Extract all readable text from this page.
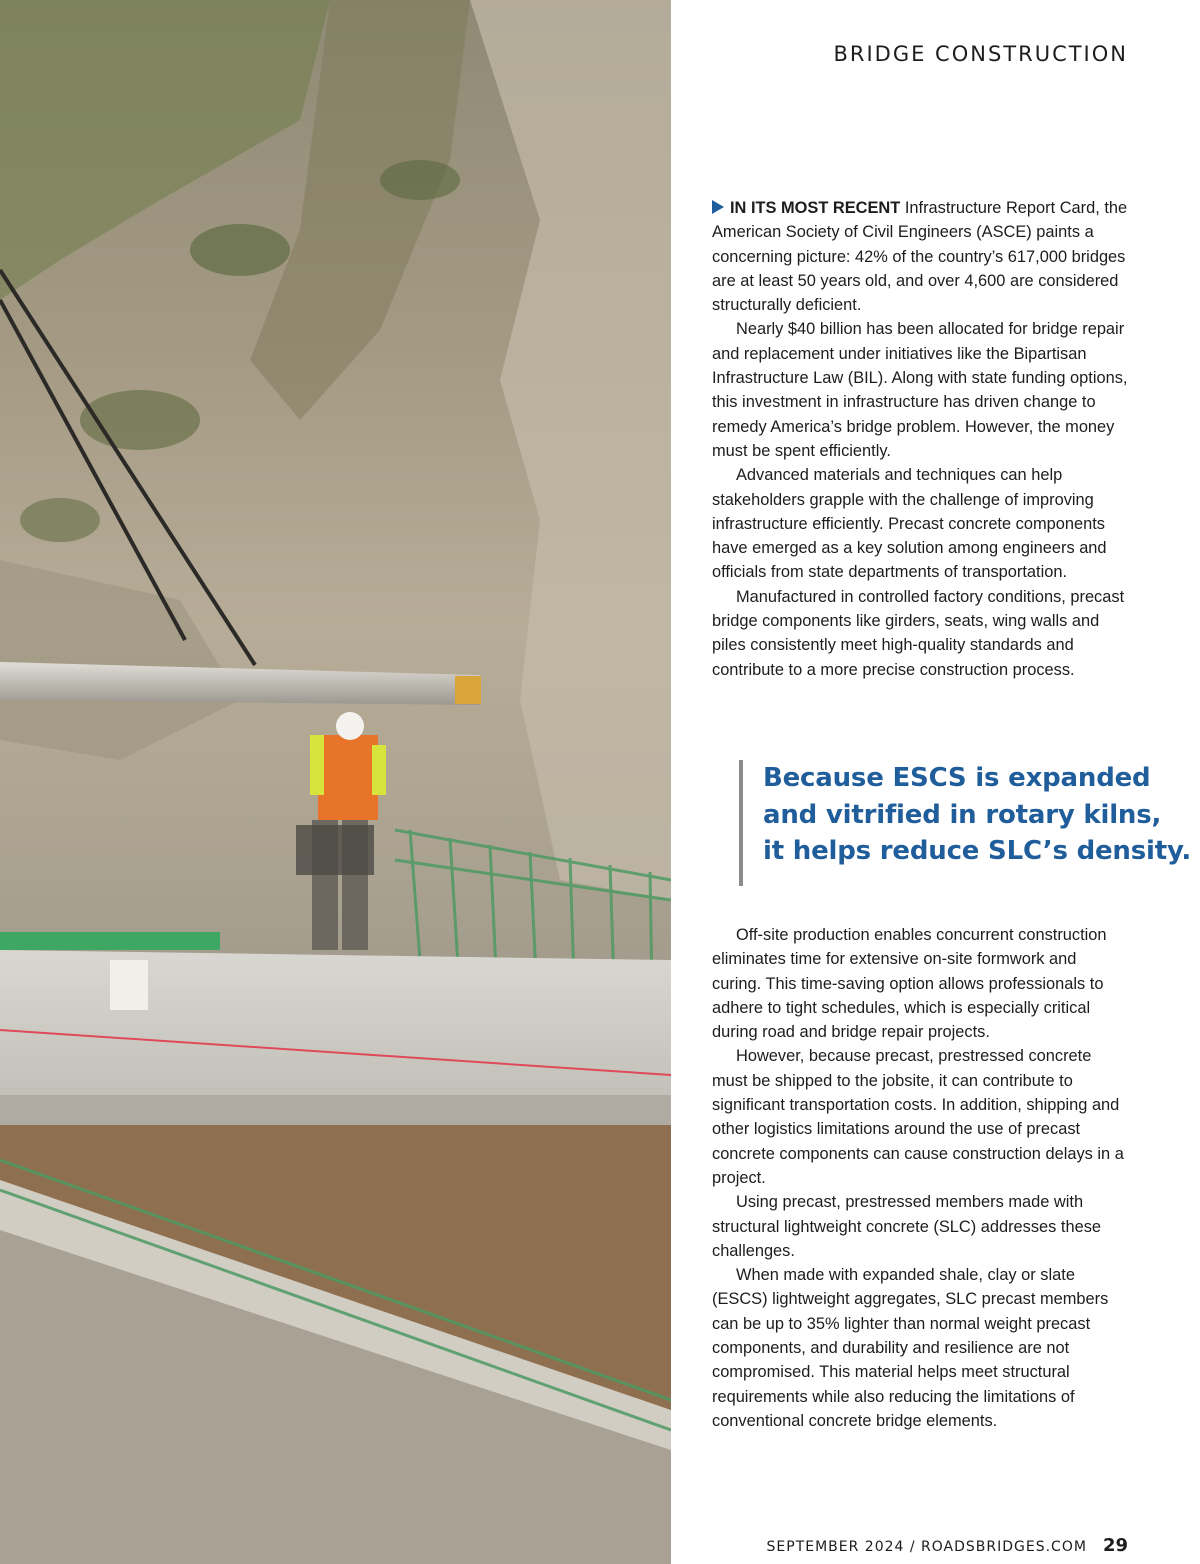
BRIDGE CONSTRUCTION

IN ITS MOST RECENT Infrastructure Report Card, the American Society of Civil Engineers (ASCE) paints a concerning picture: 42% of the country’s 617,000 bridges are at least 50 years old, and over 4,600 are considered structurally deficient.

Nearly $40 billion has been allocated for bridge repair and replacement under initiatives like the Bipartisan Infrastructure Law (BIL). Along with state funding options, this investment in infrastructure has driven change to remedy America’s bridge problem. However, the money must be spent efficiently.

Advanced materials and techniques can help stakeholders grapple with the challenge of improving infrastructure efficiently. Precast concrete components have emerged as a key solution among engineers and officials from state departments of transportation.

Manufactured in controlled factory conditions, precast bridge components like girders, seats, wing walls and piles consistently meet high-quality standards and contribute to a more precise construction process.

Because ESCS is expanded
and vitrified in rotary kilns,
it helps reduce SLC’s density.

Off-site production enables concurrent construction eliminates time for extensive on-site formwork and curing. This time-saving option allows professionals to adhere to tight schedules, which is especially critical during road and bridge repair projects.

However, because precast, prestressed concrete must be shipped to the jobsite, it can contribute to significant transportation costs. In addition, shipping and other logistics limitations around the use of precast concrete components can cause construction delays in a project.

Using precast, prestressed members made with structural lightweight concrete (SLC) addresses these challenges.

When made with expanded shale, clay or slate (ESCS) lightweight aggregates, SLC precast members can be up to 35% lighter than normal weight precast components, and durability and resilience are not compromised. This material helps meet structural requirements while also reducing the limitations of conventional concrete bridge elements.

SEPTEMBER 2024 / ROADSBRIDGES.COM 29
